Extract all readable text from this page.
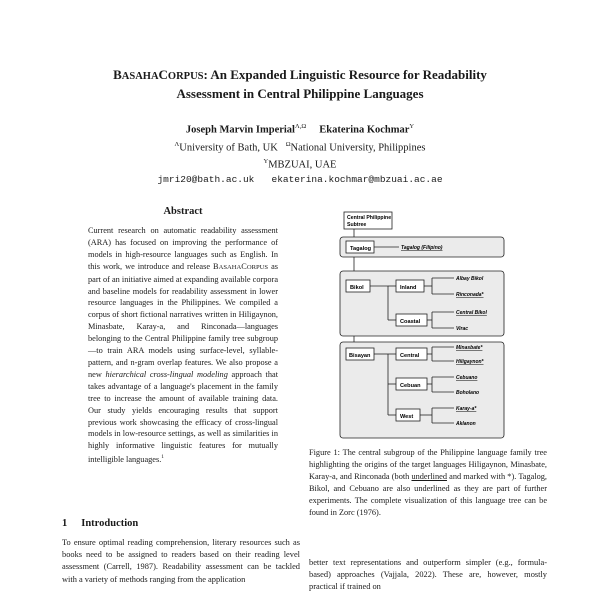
BASAHACORPUS: An Expanded Linguistic Resource for Readability
Assessment in Central Philippine Languages
Joseph Marvin Imperial$^{\Lambda,\Omega}$ Ekaterina Kochmar$^\Upsilon$
$^\Lambda$University of Bath, UK $^\Omega$National University, Philippines
$^\Upsilon$MBZUAI, UAE
jmri20@bath.ac.uk ekaterina.kochmar@mbzuai.ac.ae
Abstract
Current research on automatic readability assessment (ARA) has focused on improving the performance of models in high-resource languages such as English. In this work, we introduce and release BASAHACORPUS as part of an initiative aimed at expanding available corpora and baseline models for readability assessment in lower resource languages in the Philippines. We compiled a corpus of short fictional narratives written in Hiligaynon, Minasbate, Karay-a, and Rinconada—languages belonging to the Central Philippine family tree subgroup—to train ARA models using surface-level, syllable-pattern, and n-gram overlap features. We also propose a new hierarchical cross-lingual modeling approach that takes advantage of a language's placement in the family tree to increase the amount of available training data. Our study yields encouraging results that support previous work showcasing the efficacy of cross-lingual models in low-resource settings, as well as similarities in highly informative linguistic features for mutually intelligible languages.$^1$
1 Introduction
To ensure optimal reading comprehension, literary resources such as books need to be assigned to readers based on their reading level assessment (Carrell, 1987). Readability assessment can be tackled with a variety of methods ranging from the application
better text representations and outperform simpler (e.g., formula-based) approaches (Vajjala, 2022). These are, however, mostly practical if trained on
Central Philippine
Subtree
Tagalog	Tagalog (Filipino)
Bikol	Inland
Coastal
Albay Bikol
Rinconada*
Central Bikol
Virac
Bisayan	Central
Cebuan
West
Minasbate*
Hiligaynon*
Cebuano
Boholano
Karay-a*
Aklanon
Figure 1: The central subgroup of the Philippine language family tree highlighting the origins of the target languages Hiligaynon, Minasbate, Karay-a, and Rinconada (both underlined and marked with *). Tagalog, Bikol, and Cebuano are also underlined as they are part of further experiments. The complete visualization of this language tree can be found in Zorc (1976).
